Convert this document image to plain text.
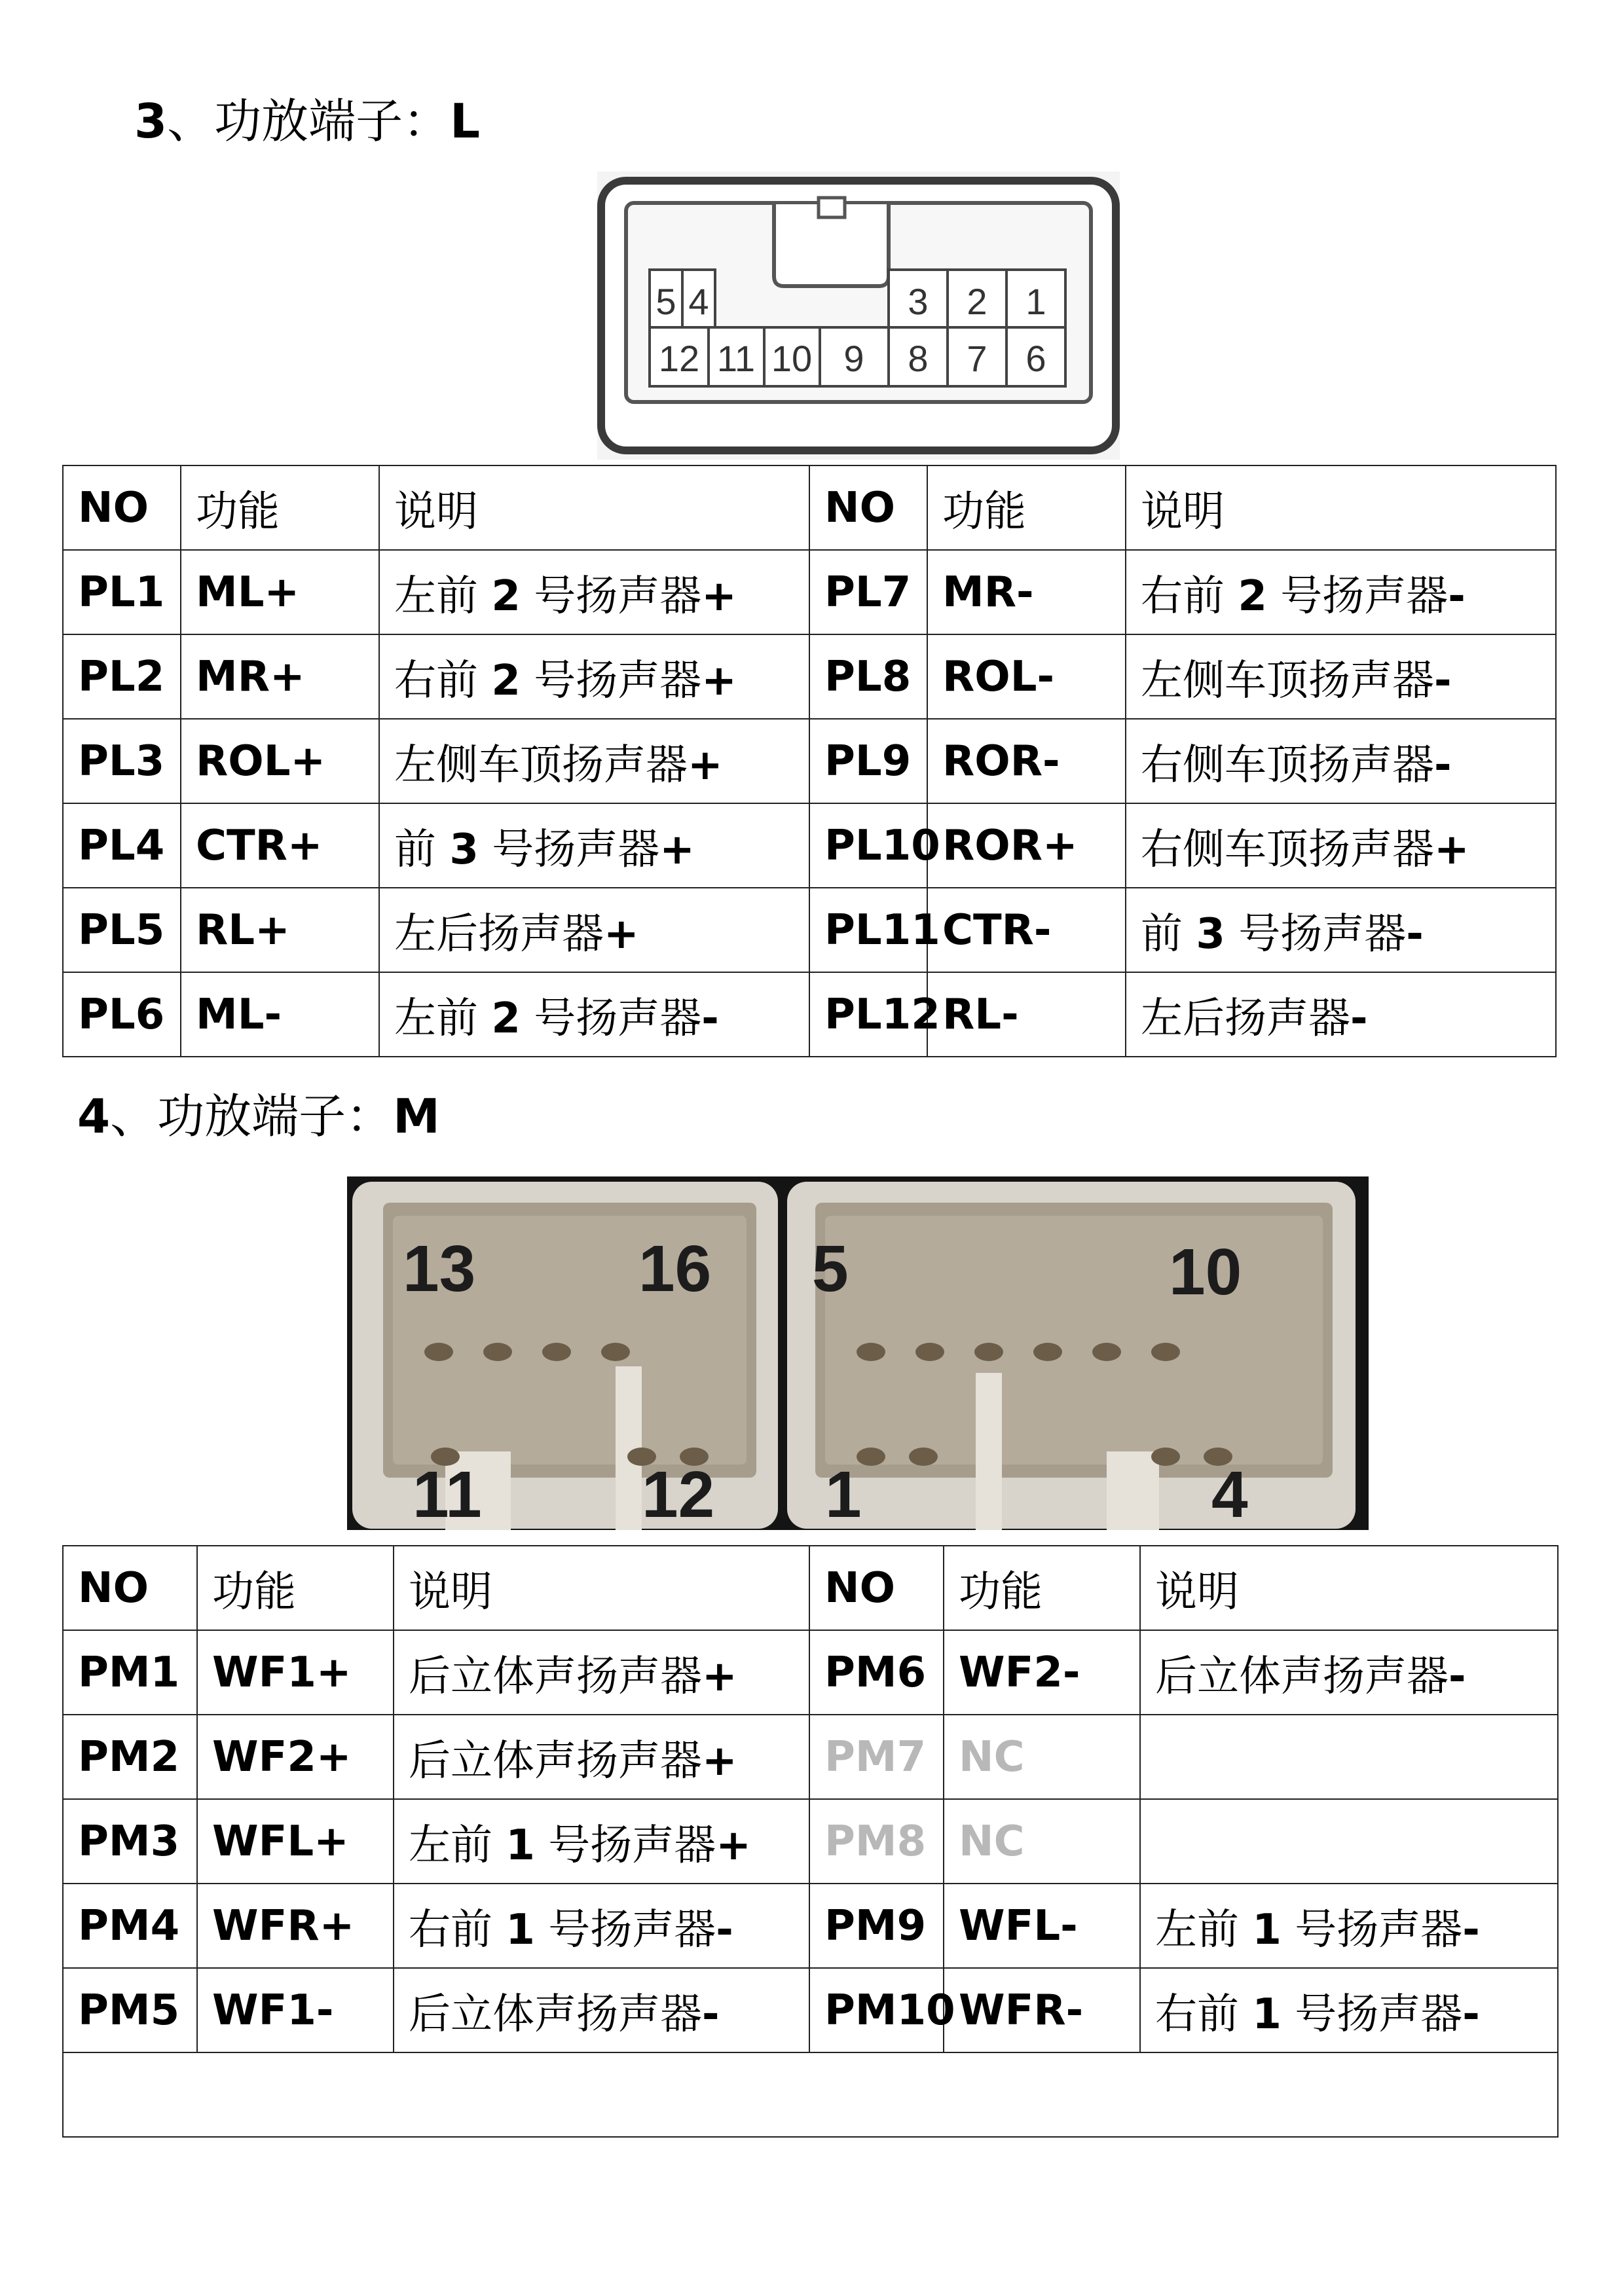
3、功放端子：L
5 4	3 2 1
12 11 10 9 8 7 6
NO	功能	说明	NO	功能	说明
PL1	ML+	左前 2 号扬声器+	PL7	MR-	右前 2 号扬声器-
PL2	MR+	右前 2 号扬声器+	PL8	ROL-	左侧车顶扬声器-
PL3	ROL+	左侧车顶扬声器+	PL9	ROR-	右侧车顶扬声器-
PL4	CTR+	前 3 号扬声器+	PL10	ROR+	右侧车顶扬声器+
PL5	RL+	左后扬声器+	PL11	CTR-	前 3 号扬声器-
PL6	ML-	左前 2 号扬声器-	PL12	RL-	左后扬声器-
4、功放端子：M
13 16
11 12
5	10
1	4
NO	功能	说明	NO	功能	说明
PM1	WF1+	后立体声扬声器+	PM6	WF2-	后立体声扬声器-
PM2	WF2+	后立体声扬声器+	PM7	NC	
PM3	WFL+	左前 1 号扬声器+	PM8	NC	
PM4	WFR+	右前 1 号扬声器-	PM9	WFL-	左前 1 号扬声器-
PM5	WF1-	后立体声扬声器-	PM10	WFR-	右前 1 号扬声器-
